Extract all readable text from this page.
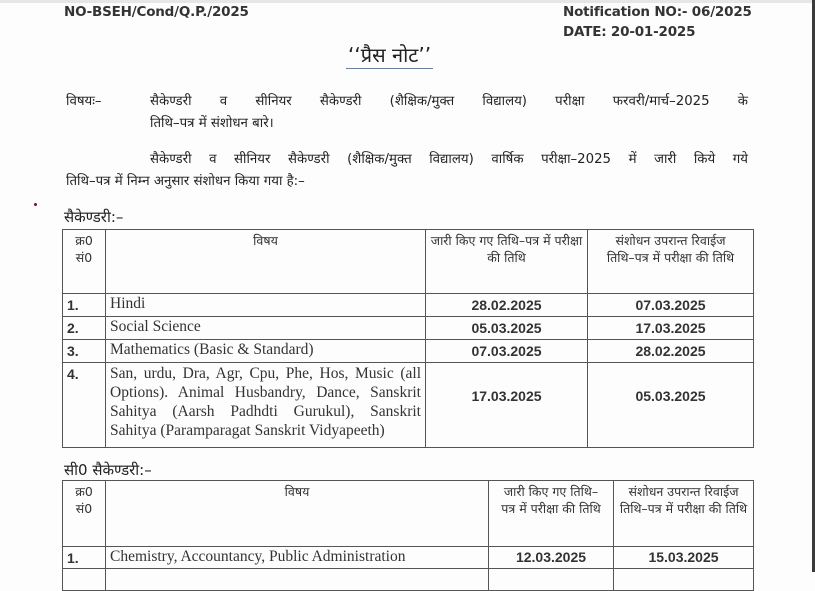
NO-BSEH/Cond/Q.P./2025	Notification NO:- 06/2025
DATE: 20-01-2025
‘‘प्रैस नोट’’
विषयः–	सैकेण्डरी व सीनियर सैकेण्डरी (शैक्षिक/मुक्त विद्यालय) परीक्षा फरवरी/मार्च–2025 के
तिथि–पत्र में संशोधन बारे।
सैकेण्डरी व सीनियर सैकेण्डरी (शैक्षिक/मुक्त विद्यालय) वार्षिक परीक्षा–2025 में जारी किये गये
तिथि–पत्र में निम्न अनुसार संशोधन किया गया है:–
सैकेण्डरी:–
क्र0 सं0	विषय	जारी किए गए तिथि–पत्र में परीक्षा की तिथि	संशोधन उपरान्त रिवाईज तिथि–पत्र में परीक्षा की तिथि
1.	Hindi	28.02.2025	07.03.2025
2.	Social Science	05.03.2025	17.03.2025
3.	Mathematics (Basic & Standard)	07.03.2025	28.02.2025
4.	San, urdu, Dra, Agr, Cpu, Phe, Hos, Music (all Options). Animal Husbandry, Dance, Sanskrit Sahitya (Aarsh Padhdti Gurukul), Sanskrit Sahitya (Paramparagat Sanskrit Vidyapeeth)	17.03.2025	05.03.2025
सी0 सैकेण्डरी:–
क्र0 सं0	विषय	जारी किए गए तिथि–पत्र में परीक्षा की तिथि	संशोधन उपरान्त रिवाईज तिथि–पत्र में परीक्षा की तिथि
1.	Chemistry, Accountancy, Public Administration	12.03.2025	15.03.2025
